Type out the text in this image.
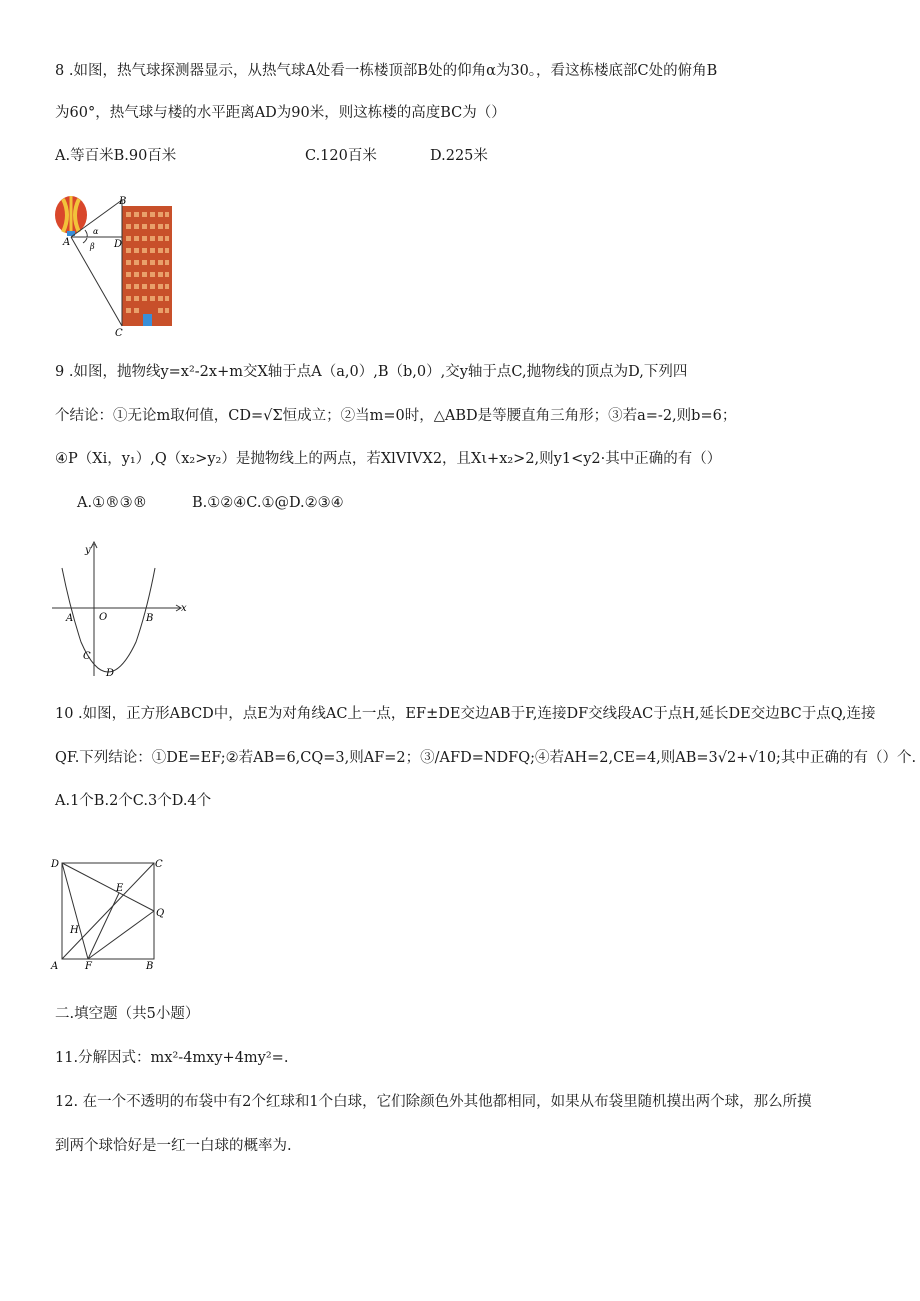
8 .如图，热气球探测器显示，从热气球A处看一栋楼顶部B处的仰角α为30。，看这栋楼底部C处的俯角B
为60°，热气球与楼的水平距离AD为90米，则这栋楼的高度BC为（）
A.等百米B.90百米	C.120百米	D.225米
B
A	D
C
α
β
9 .如图，抛物线y=x²-2x+m交X轴于点A（a,0）,B（b,0）,交y轴于点C,抛物线的顶点为D,下列四
个结论：①无论m取何值，CD=√Σ恒成立；②当m=0时，△ABD是等腰直角三角形；③若a=-2,则b=6；
④P（Xi，y₁）,Q（x₂>y₂）是抛物线上的两点，若XlVIVX2，且Xι+x₂>2,则y1<y2·其中正确的有（）
A.①®③®	B.①②④C.①@D.②③④
y
x
A	O	B
C
D
10 .如图，正方形ABCD中，点E为对角线AC上一点，EF±DE交边AB于F,连接DF交线段AC于点H,延长DE交边BC于点Q,连接
QF.下列结论：①DE=EF;②若AB=6,CQ=3,则AF=2；③/AFD=NDFQ;④若AH=2,CE=4,则AB=3√2+√10;其中正确的有（）个.
A.1个B.2个C.3个D.4个
D	C
E
Q
H
A	F	B
二.填空题（共5小题）
11.分解因式：mx²-4mxy+4my²=.
12. 在一个不透明的布袋中有2个红球和1个白球，它们除颜色外其他都相同，如果从布袋里随机摸出两个球，那么所摸
到两个球恰好是一红一白球的概率为.
